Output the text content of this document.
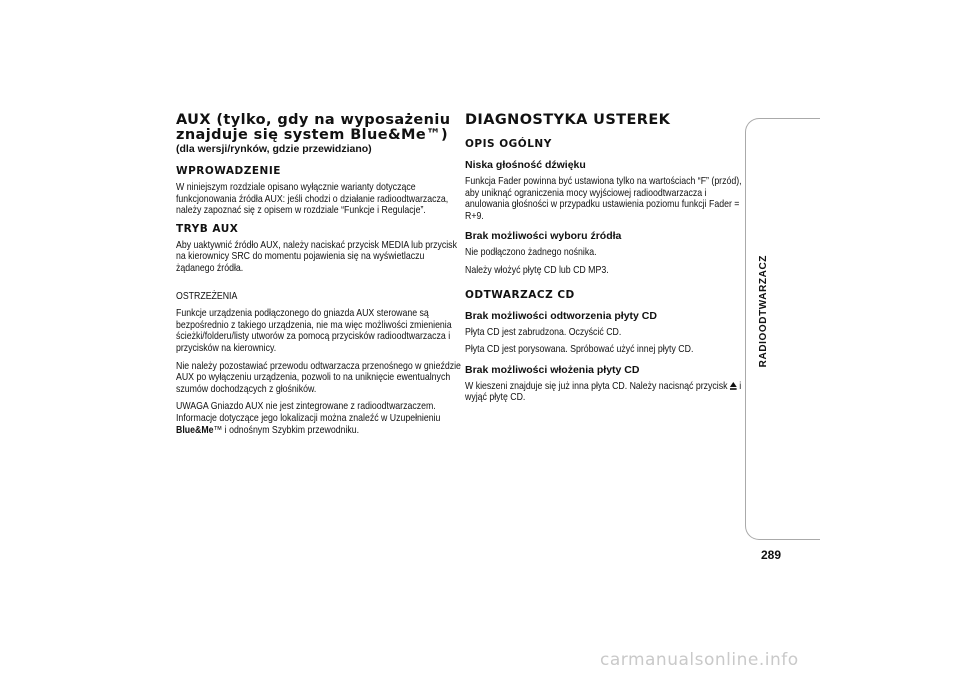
AUX (tylko, gdy na wyposażeniu znajduje się system Blue&Me™)
(dla wersji/rynków, gdzie przewidziano)
WPROWADZENIE

W niniejszym rozdziale opisano wyłącznie warianty dotyczące funkcjonowania źródła AUX: jeśli chodzi o działanie radioodtwarzacza, należy zapoznać się z opisem w rozdziale “Funkcje i Regulacje”.

TRYB AUX

Aby uaktywnić źródło AUX, należy naciskać przycisk MEDIA lub przycisk na kierownicy SRC do momentu pojawienia się na wyświetlaczu żądanego źródła.

OSTRZEŻENIA

Funkcje urządzenia podłączonego do gniazda AUX sterowane są bezpośrednio z takiego urządzenia, nie ma więc możliwości zmienienia ścieżki/folderu/listy utworów za pomocą przycisków radioodtwarzacza i przycisków na kierownicy.

Nie należy pozostawiać przewodu odtwarzacza przenośnego w gnieździe AUX po wyłączeniu urządzenia, pozwoli to na uniknięcie ewentualnych szumów dochodzących z głośników.

UWAGA Gniazdo AUX nie jest zintegrowane z radioodtwarzaczem. Informacje dotyczące jego lokalizacji można znaleźć w Uzupełnieniu Blue&Me™ i odnośnym Szybkim przewodniku.

DIAGNOSTYKA USTEREK
OPIS OGÓLNY
Niska głośność dźwięku

Funkcja Fader powinna być ustawiona tylko na wartościach “F” (przód), aby uniknąć ograniczenia mocy wyjściowej radioodtwarzacza i anulowania głośności w przypadku ustawienia poziomu funkcji Fader = R+9.

Brak możliwości wyboru źródła

Nie podłączono żadnego nośnika.

Należy włożyć płytę CD lub CD MP3.

ODTWARZACZ CD
Brak możliwości odtworzenia płyty CD

Płyta CD jest zabrudzona. Oczyścić CD.

Płyta CD jest porysowana. Spróbować użyć innej płyty CD.

Brak możliwości włożenia płyty CD

W kieszeni znajduje się już inna płyta CD. Należy nacisnąć przycisk i wyjąć płytę CD.

RADIOODTWARZACZ
289
carmanualsonline.info
